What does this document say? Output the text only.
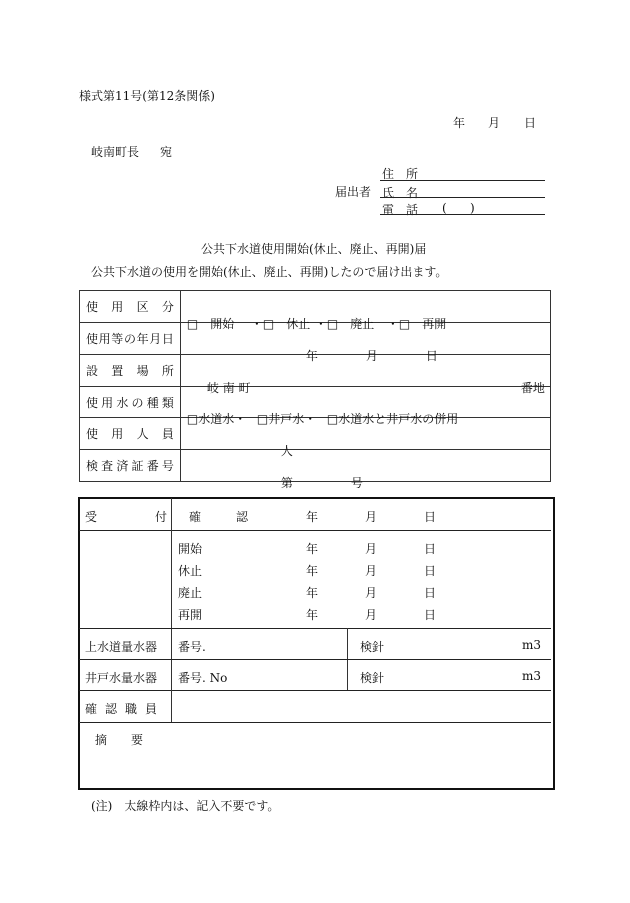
様式第11号(第12条関係)
年 月 日
岐南町長 宛
届出者
住　所
氏　名
電　話 ( )
公共下水道使用開始(休止、廃止、再開)届
公共下水道の使用を開始(休止、廃止、再開)したので届け出ます。
使用区分	□　開始 ・□　休止 ・□　廃止 ・□　再開

使用等の年月日	年 月 日

設置場所	岐 南 町 番地

使用水の種類	□水道水・ □井戸水・ □水道水と井戸水の併用

使用人員	人

検査済証番号	第 号
受	付 確	認	年	月	日
開始	年	月	日
休止	年	月	日
廃止	年	月	日
再開	年	月	日
上水道量水器 番号.	検針	m3
井戸水量水器 番号. No	検針	m3
確認職員
摘 要
(注)　太線枠内は、記入不要です。
